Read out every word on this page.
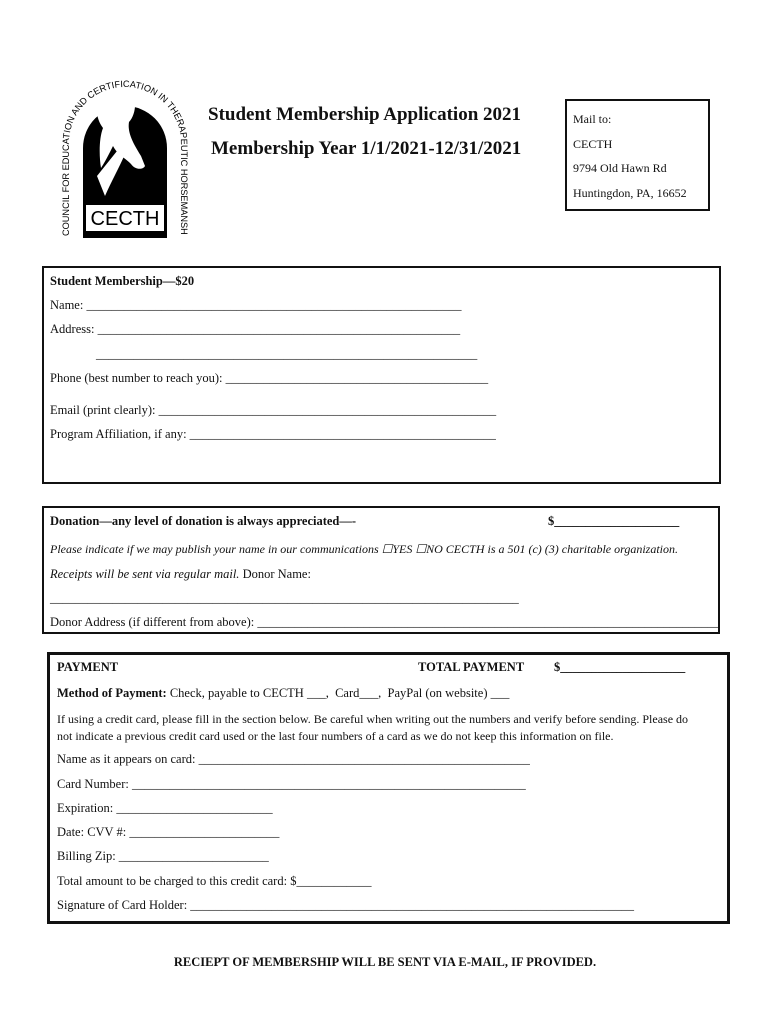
COUNCIL FOR EDUCATION AND CERTIFICATION IN THERAPEUTIC HORSEMANSH
CECTH
Student Membership Application 2021
Membership Year 1/1/2021-12/31/2021
Mail to:
CECTH
9794 Old Hawn Rd
Huntingdon, PA, 16652
Student Membership—$20
Name: ____________________________________________________________
Address: __________________________________________________________
_____________________________________________________________
Phone (best number to reach you): __________________________________________
Email (print clearly): ______________________________________________________
Program Affiliation, if any: _________________________________________________
Donation—any level of donation is always appreciated—-	$____________________
Please indicate if we may publish your name in our communications ☐YES ☐NO CECTH is a 501 (c) (3) charitable organization.
Receipts will be sent via regular mail. Donor Name:
___________________________________________________________________________
Donor Address (if different from above): __________________________________________________________________________
PAYMENT	TOTAL PAYMENT $____________________
Method of Payment: Check, payable to CECTH ___,  Card___,  PayPal (on website) ___
If using a credit card, please fill in the section below. Be careful when writing out the numbers and verify before sending. Please do
not indicate a previous credit card used or the last four numbers of a card as we do not keep this information on file.
Name as it appears on card: _____________________________________________________
Card Number: _______________________________________________________________
Expiration: _________________________
Date: CVV #: ________________________
Billing Zip: ________________________
Total amount to be charged to this credit card: $____________
Signature of Card Holder: _______________________________________________________________________
RECIEPT OF MEMBERSHIP WILL BE SENT VIA E-MAIL, IF PROVIDED.
